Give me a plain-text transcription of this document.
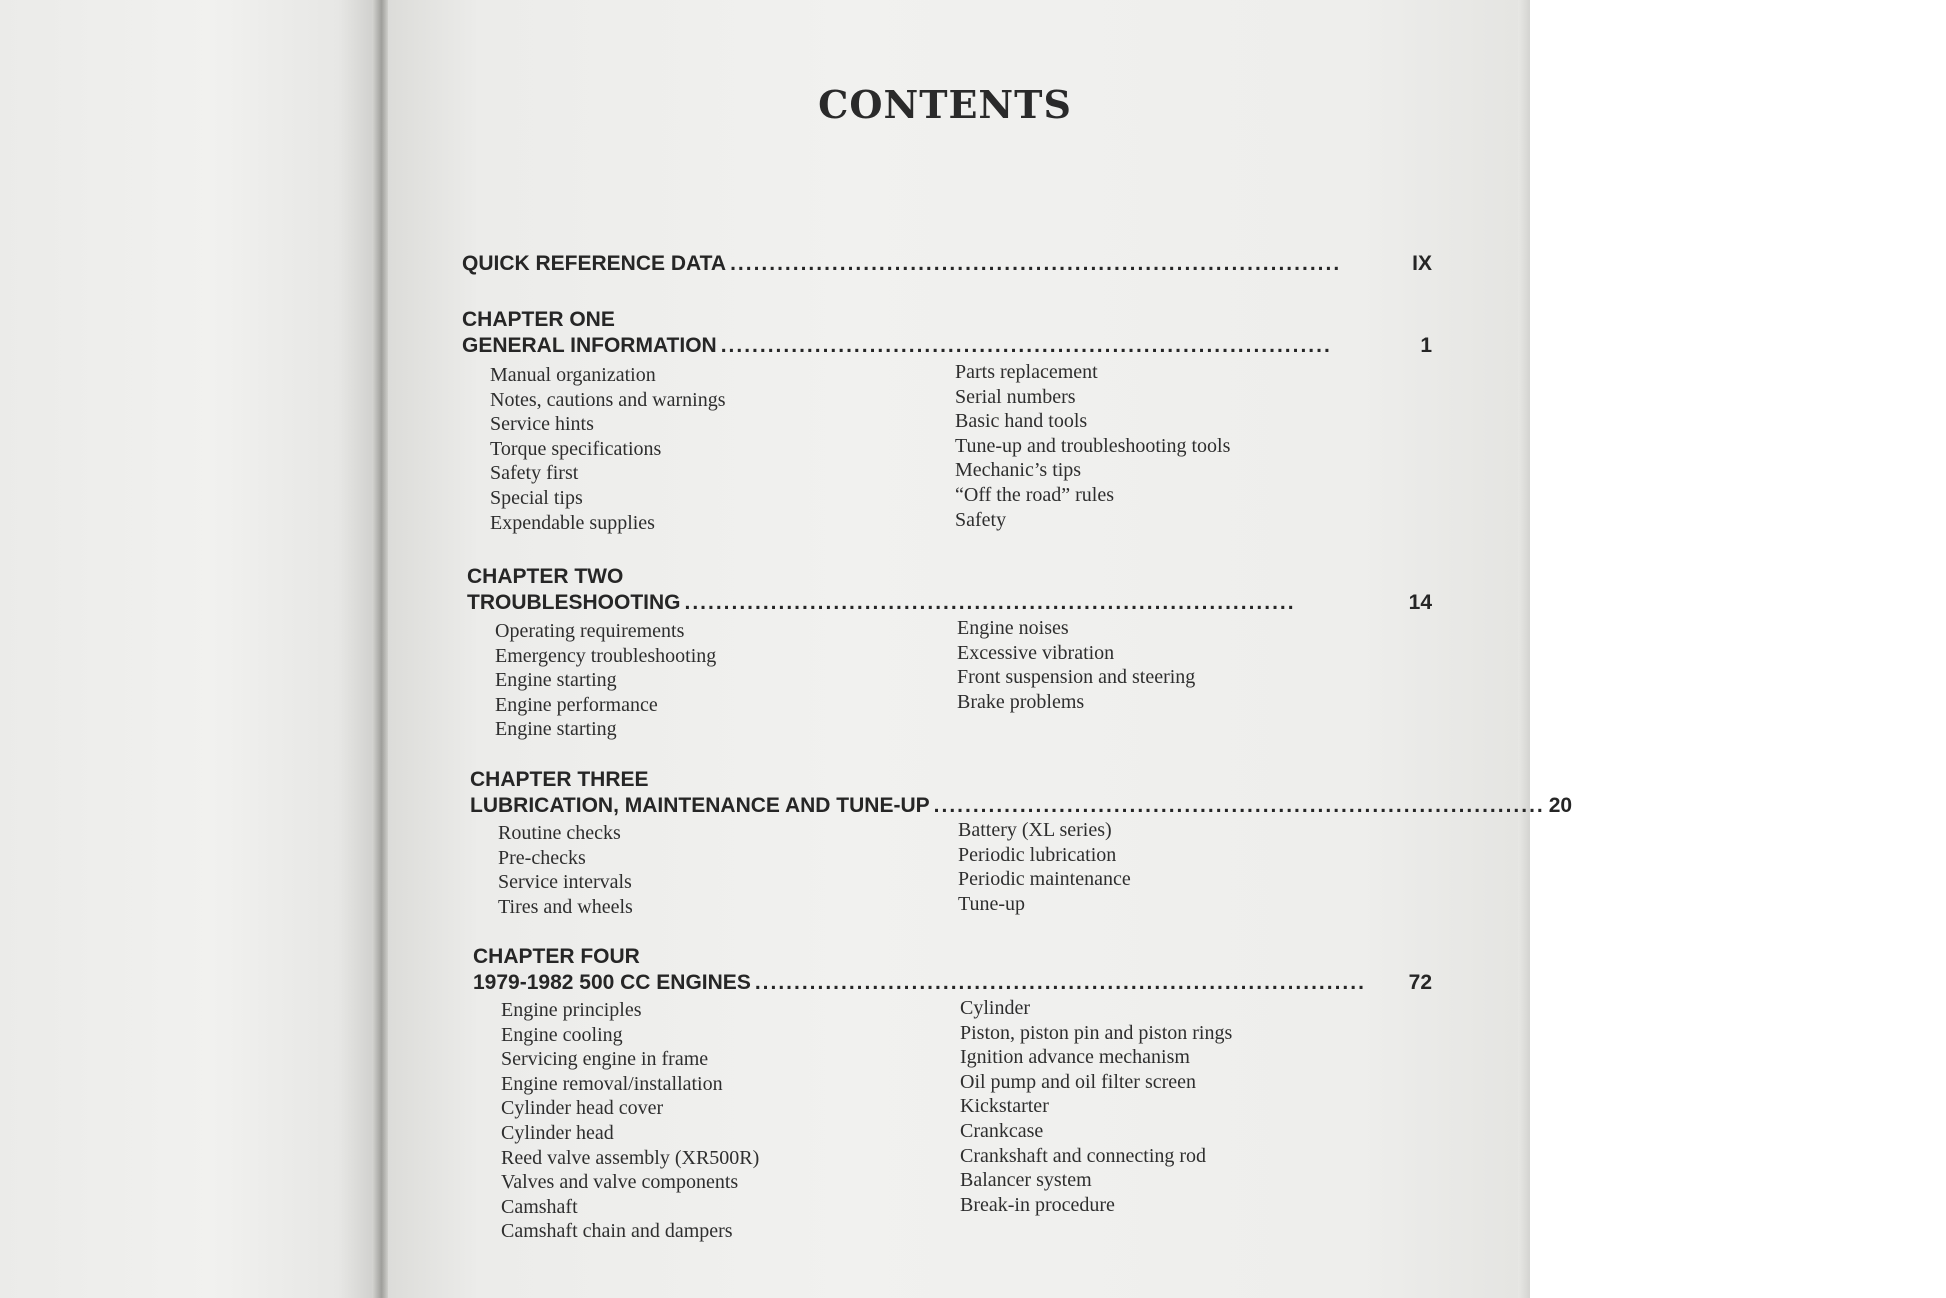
CONTENTS
QUICK REFERENCE DATA ..............................................................................	IX
CHAPTER ONE
GENERAL INFORMATION ..............................................................................	1
Manual organization
Notes, cautions and warnings
Service hints
Torque specifications
Safety first
Special tips
Expendable supplies
Parts replacement
Serial numbers
Basic hand tools
Tune-up and troubleshooting tools
Mechanic’s tips
“Off the road” rules
Safety
CHAPTER TWO
TROUBLESHOOTING ..............................................................................	14
Operating requirements
Emergency troubleshooting
Engine starting
Engine performance
Engine starting
Engine noises
Excessive vibration
Front suspension and steering
Brake problems
CHAPTER THREE
LUBRICATION, MAINTENANCE AND TUNE-UP .............................................................................. 20
Routine checks
Pre-checks
Service intervals
Tires and wheels
Battery (XL series)
Periodic lubrication
Periodic maintenance
Tune-up
CHAPTER FOUR
1979-1982 500 CC ENGINES ..............................................................................	72
Engine principles
Engine cooling
Servicing engine in frame
Engine removal/installation
Cylinder head cover
Cylinder head
Reed valve assembly (XR500R)
Valves and valve components
Camshaft
Camshaft chain and dampers
Cylinder
Piston, piston pin and piston rings
Ignition advance mechanism
Oil pump and oil filter screen
Kickstarter
Crankcase
Crankshaft and connecting rod
Balancer system
Break-in procedure
